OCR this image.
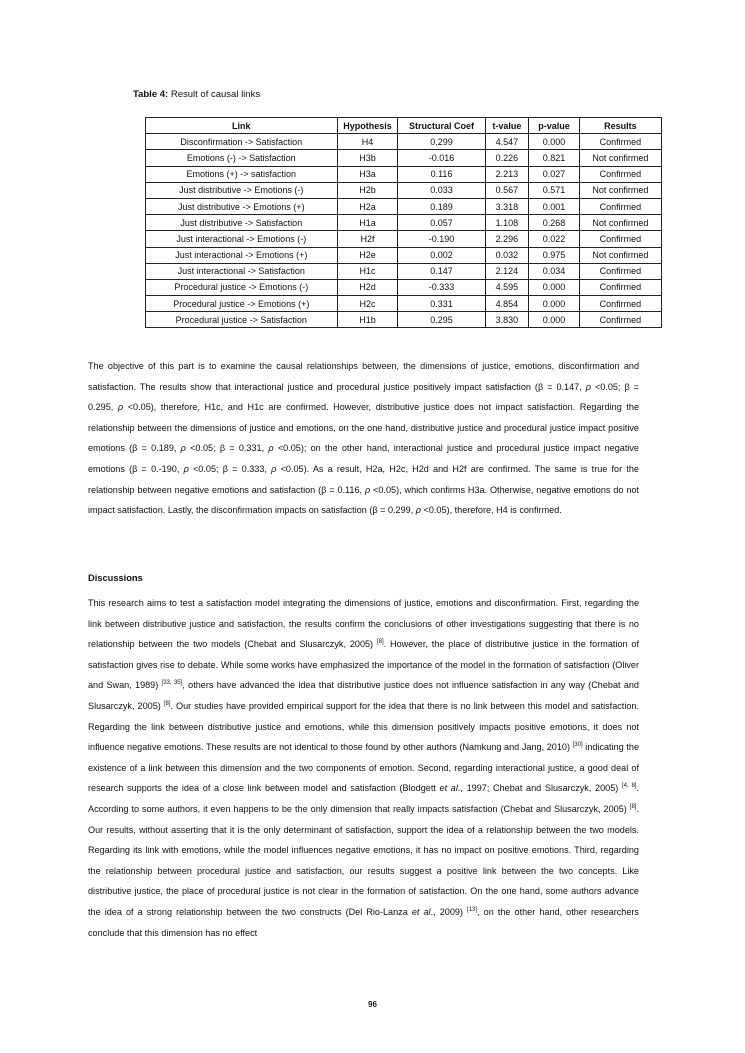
Table 4: Result of causal links
Link	Hypothesis	Structural Coef	t-value	p-value	Results
Disconfirmation -> Satisfaction	H4	0.299	4.547	0.000	Confirmed
Emotions (-) -> Satisfaction	H3b	-0.016	0.226	0.821	Not confirmed
Emotions (+) -> satisfaction	H3a	0.116	2.213	0.027	Confirmed
Just distributive -> Emotions (-)	H2b	0.033	0.567	0.571	Not confirmed
Just distributive -> Emotions (+)	H2a	0.189	3.318	0.001	Confirmed
Just distributive -> Satisfaction	H1a	0.057	1.108	0.268	Not confirmed
Just interactional -> Emotions (-)	H2f	-0.190	2.296	0.022	Confirmed
Just interactional -> Emotions (+)	H2e	0.002	0.032	0.975	Not confirmed
Just interactional -> Satisfaction	H1c	0.147	2.124	0.034	Confirmed
Procedural justice -> Emotions (-)	H2d	-0.333	4.595	0.000	Confirmed
Procedural justice -> Emotions (+)	H2c	0.331	4.854	0.000	Confirmed
Procedural justice -> Satisfaction	H1b	0.295	3.830	0.000	Confirmed

The objective of this part is to examine the causal relationships between, the dimensions of justice, emotions, disconfirmation and satisfaction. The results show that interactional justice and procedural justice positively impact satisfaction (β = 0.147, ρ <0.05; β = 0.295, ρ <0.05), therefore, H1c, and H1c are confirmed. However, distributive justice does not impact satisfaction. Regarding the relationship between the dimensions of justice and emotions, on the one hand, distributive justice and procedural justice impact positive emotions (β = 0.189, ρ <0.05; β = 0.331, ρ <0.05); on the other hand, interactional justice and procedural justice impact negative emotions (β = 0.-190, ρ <0.05; β = 0.333, ρ <0.05). As a result, H2a, H2c, H2d and H2f are confirmed. The same is true for the relationship between negative emotions and satisfaction (β = 0.116, ρ <0.05), which confirms H3a. Otherwise, negative emotions do not impact satisfaction. Lastly, the disconfirmation impacts on satisfaction (β = 0.299, ρ <0.05), therefore, H4 is confirmed.

Discussions

This research aims to test a satisfaction model integrating the dimensions of justice, emotions and disconfirmation. First, regarding the link between distributive justice and satisfaction, the results confirm the conclusions of other investigations suggesting that there is no relationship between the two models (Chebat and Slusarczyk, 2005) [8]. However, the place of distributive justice in the formation of satisfaction gives rise to debate. While some works have emphasized the importance of the model in the formation of satisfaction (Oliver and Swan, 1989) [33, 35], others have advanced the idea that distributive justice does not influence satisfaction in any way (Chebat and Slusarczyk, 2005) [8]. Our studies have provided empirical support for the idea that there is no link between this model and satisfaction. Regarding the link between distributive justice and emotions, while this dimension positively impacts positive emotions, it does not influence negative emotions. These results are not identical to those found by other authors (Namkung and Jang, 2010) [30] indicating the existence of a link between this dimension and the two components of emotion. Second, regarding interactional justice, a good deal of research supports the idea of a close link between model and satisfaction (Blodgett et al., 1997; Chebat and Slusarczyk, 2005) [4, 8]. According to some authors, it even happens to be the only dimension that really impacts satisfaction (Chebat and Slusarczyk, 2005) [8]. Our results, without asserting that it is the only determinant of satisfaction, support the idea of a relationship between the two models. Regarding its link with emotions, while the model influences negative emotions, it has no impact on positive emotions. Third, regarding the relationship between procedural justice and satisfaction, our results suggest a positive link between the two concepts. Like distributive justice, the place of procedural justice is not clear in the formation of satisfaction. On the one hand, some authors advance the idea of a strong relationship between the two constructs (Del Rio-Lanza et al., 2009) [13], on the other hand, other researchers conclude that this dimension has no effect

96
